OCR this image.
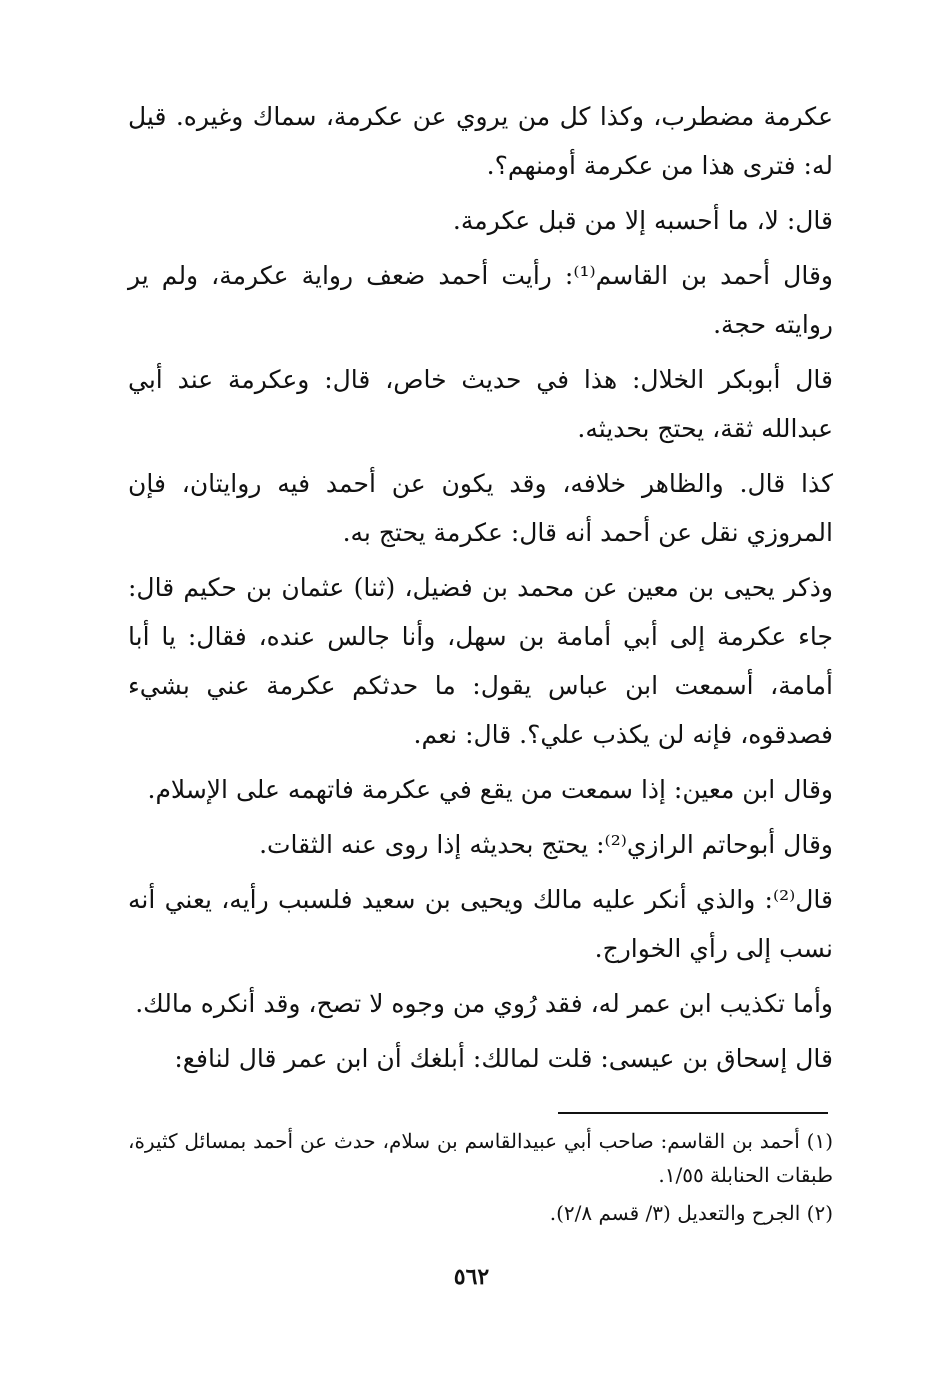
عكرمة مضطرب، وكذا كل من يروي عن عكرمة، سماك وغيره. قيل له: فترى هذا من عكرمة أومنهم؟.

قال: لا، ما أحسبه إلا من قبل عكرمة.

وقال أحمد بن القاسم⁽¹⁾: رأيت أحمد ضعف رواية عكرمة، ولم ير روايته حجة.

قال أبوبكر الخلال: هذا في حديث خاص، قال: وعكرمة عند أبي عبدالله ثقة، يحتج بحديثه.

كذا قال. والظاهر خلافه، وقد يكون عن أحمد فيه روايتان، فإن المروزي نقل عن أحمد أنه قال: عكرمة يحتج به.

وذكر يحيى بن معين عن محمد بن فضيل، (ثنا) عثمان بن حكيم قال: جاء عكرمة إلى أبي أمامة بن سهل، وأنا جالس عنده، فقال: يا أبا أمامة، أسمعت ابن عباس يقول: ما حدثكم عكرمة عني بشيء فصدقوه، فإنه لن يكذب علي؟. قال: نعم.

وقال ابن معين: إذا سمعت من يقع في عكرمة فاتهمه على الإسلام.

وقال أبوحاتم الرازي⁽²⁾: يحتج بحديثه إذا روى عنه الثقات.

قال⁽²⁾: والذي أنكر عليه مالك ويحيى بن سعيد فلسبب رأيه، يعني أنه نسب إلى رأي الخوارج.

وأما تكذيب ابن عمر له، فقد رُوي من وجوه لا تصح، وقد أنكره مالك.

قال إسحاق بن عيسى: قلت لمالك: أبلغك أن ابن عمر قال لنافع:

(١) أحمد بن القاسم: صاحب أبي عبيدالقاسم بن سلام، حدث عن أحمد بمسائل كثيرة، طبقات الحنابلة ١/٥٥.

(٢) الجرح والتعديل (٣/ قسم ٢/٨).

٥٦٢
